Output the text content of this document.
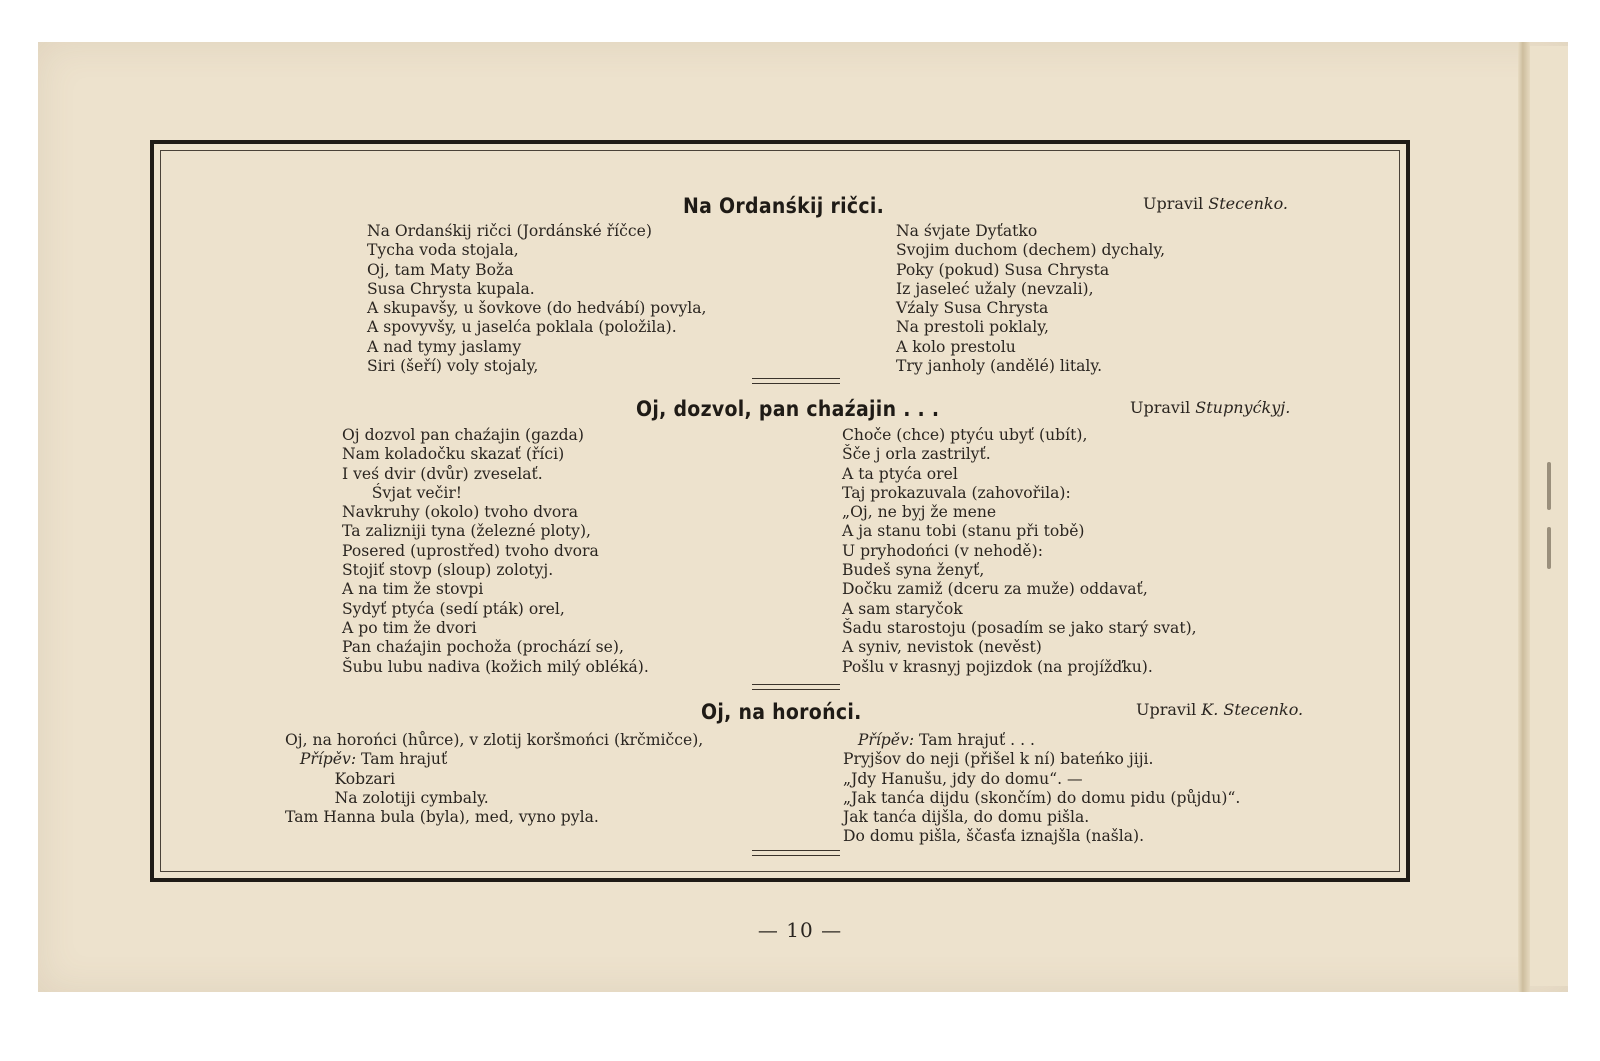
Na Ordanśkij ričci.	Upravil Stecenko.
Na Ordanśkij ričci (Jordánské říčce)
Tycha voda stojala,
Oj, tam Maty Boža
Susa Chrysta kupala.
A skupavšy, u šovkove (do hedvábí) povyla,
A spovyvšy, u jaselća poklala (položila).
A nad tymy jaslamy
Siri (šeří) voly stojaly,
Na śvjate Dyťatko
Svojim duchom (dechem) dychaly,
Poky (pokud) Susa Chrysta
Iz jaseleć užaly (nevzali),
Vźaly Susa Chrysta
Na prestoli poklaly,
A kolo prestolu
Try janholy (andělé) litaly.
Oj, dozvol, pan chaźajin . . .	Upravil Stupnyćkyj.
Oj dozvol pan chaźajin (gazda)
Nam koladočku skazať (říci)
I veś dvir (dvůr) zveselať.
Śvjat večir!
Navkruhy (okolo) tvoho dvora
Ta zalizniji tyna (železné ploty),
Posered (uprostřed) tvoho dvora
Stojiť stovp (sloup) zolotyj.
A na tim že stovpi
Sydyť ptyća (sedí pták) orel,
A po tim že dvori
Pan chaźajin pochoža (prochází se),
Šubu lubu nadiva (kožich milý obléká).
Choče (chce) ptyću ubyť (ubít),
Šče j orla zastrilyť.
A ta ptyća orel
Taj prokazuvala (zahovořila):
„Oj, ne byj že mene
A ja stanu tobi (stanu při tobě)
U pryhodońci (v nehodě):
Budeš syna ženyť,
Dočku zamiž (dceru za muže) oddavať,
A sam staryčok
Šadu starostoju (posadím se jako starý svat),
A syniv, nevistok (nevěst)
Pošlu v krasnyj pojizdok (na projížďku).
Oj, na horońci.	Upravil K. Stecenko.
Oj, na horońci (hůrce), v zlotij koršmońci (krčmičce),
Přípěv: Tam hrajuť
Kobzari
Na zolotiji cymbaly.
Tam Hanna bula (byla), med, vyno pyla.
Přípěv: Tam hrajuť . . .
Pryjšov do neji (přišel k ní) bateńko jiji.
„Jdy Hanušu, jdy do domu“. —
„Jak tanća dijdu (skončím) do domu pidu (půjdu)“.
Jak tanća dijšla, do domu pišla.
Do domu pišla, ščasťa iznajšla (našla).
— 10 —
